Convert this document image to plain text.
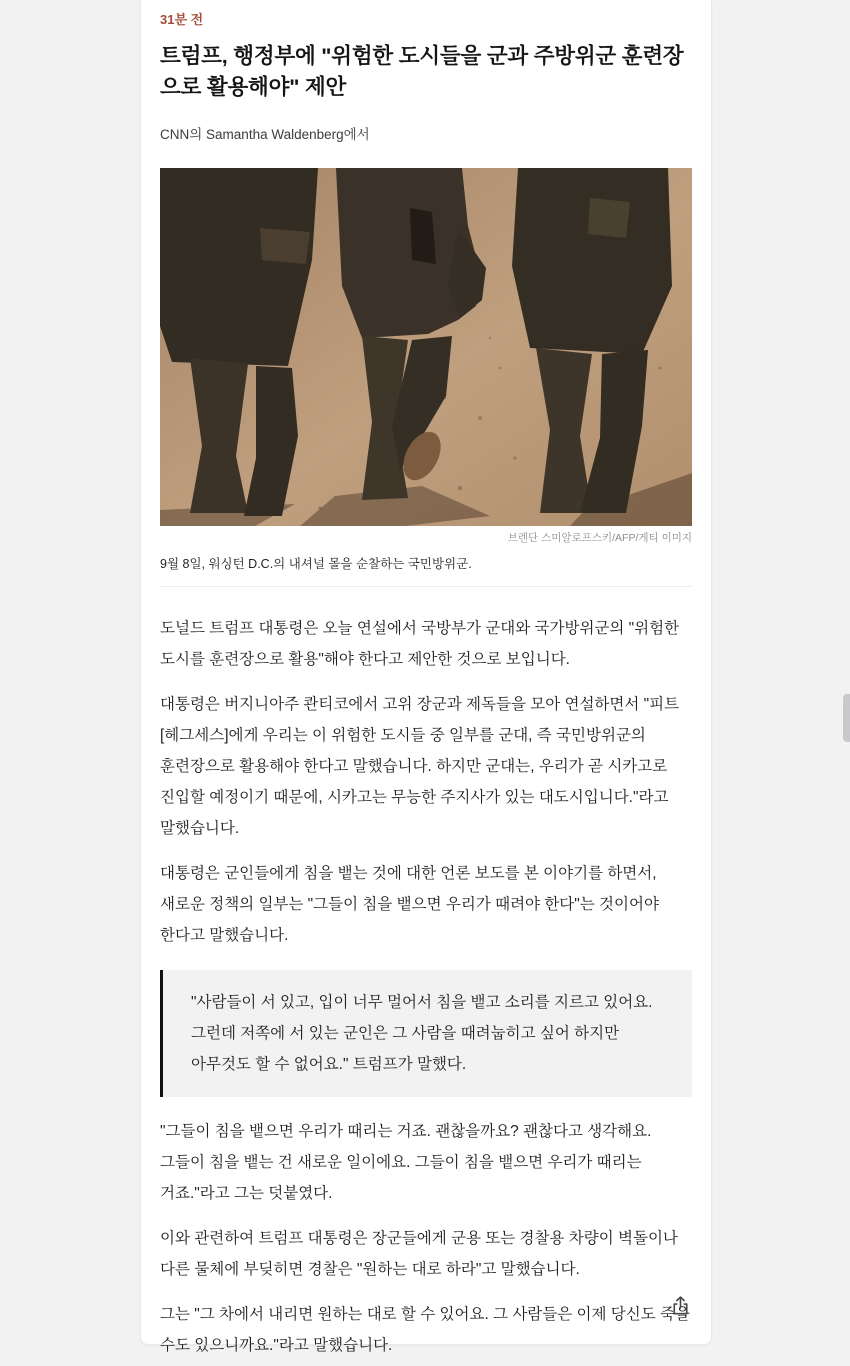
31분 전
트럼프, 행정부에 "위험한 도시들을 군과 주방위군 훈련장으로 활용해야" 제안
CNN의 Samantha Waldenberg에서
브렌단 스미알로프스키/AFP/게티 이미지
9월 8일, 워싱턴 D.C.의 내셔널 몰을 순찰하는 국민방위군.

도널드 트럼프 대통령은 오늘 연설에서 국방부가 군대와 국가방위군의 "위험한 도시를 훈련장으로 활용"해야 한다고 제안한 것으로 보입니다.

대통령은 버지니아주 콴티코에서 고위 장군과 제독들을 모아 연설하면서 "피트 [헤그세스]에게 우리는 이 위험한 도시들 중 일부를 군대, 즉 국민방위군의 훈련장으로 활용해야 한다고 말했습니다. 하지만 군대는, 우리가 곧 시카고로 진입할 예정이기 때문에, 시카고는 무능한 주지사가 있는 대도시입니다."라고 말했습니다.

대통령은 군인들에게 침을 뱉는 것에 대한 언론 보도를 본 이야기를 하면서, 새로운 정책의 일부는 "그들이 침을 뱉으면 우리가 때려야 한다"는 것이어야 한다고 말했습니다.

"사람들이 서 있고, 입이 너무 멀어서 침을 뱉고 소리를 지르고 있어요. 그런데 저쪽에 서 있는 군인은 그 사람을 때려눕히고 싶어 하지만 아무것도 할 수 없어요." 트럼프가 말했다.

"그들이 침을 뱉으면 우리가 때리는 거죠. 괜찮을까요? 괜찮다고 생각해요. 그들이 침을 뱉는 건 새로운 일이에요. 그들이 침을 뱉으면 우리가 때리는 거죠."라고 그는 덧붙였다.

이와 관련하여 트럼프 대통령은 장군들에게 군용 또는 경찰용 차량이 벽돌이나 다른 물체에 부딪히면 경찰은 "원하는 대로 하라"고 말했습니다.

그는 "그 차에서 내리면 원하는 대로 할 수 있어요. 그 사람들은 이제 당신도 죽을 수도 있으니까요."라고 말했습니다.
